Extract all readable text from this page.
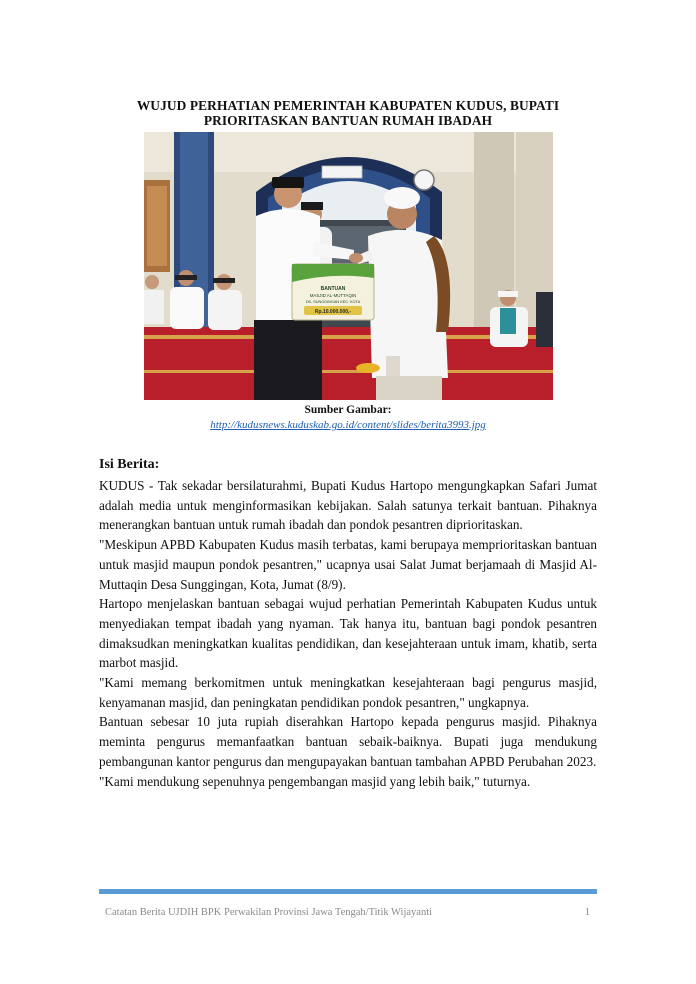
WUJUD PERHATIAN PEMERINTAH KABUPATEN KUDUS, BUPATI
PRIORITASKAN BANTUAN RUMAH IBADAH
BANTUAN
MASJID AL-MUTTAQIN
DS. SUNGGINGAN KEC. KOTA
Rp.10.000.000,-
Sumber Gambar:
http://kudusnews.kuduskab.go.id/content/slides/berita3993.jpg
Isi Berita:

KUDUS - Tak sekadar bersilaturahmi, Bupati Kudus Hartopo mengungkapkan Safari Jumat adalah media untuk menginformasikan kebijakan. Salah satunya terkait bantuan. Pihaknya menerangkan bantuan untuk rumah ibadah dan pondok pesantren diprioritaskan.

"Meskipun APBD Kabupaten Kudus masih terbatas, kami berupaya memprioritaskan bantuan untuk masjid maupun pondok pesantren," ucapnya usai Salat Jumat berjamaah di Masjid Al-Muttaqin Desa Sunggingan, Kota, Jumat (8/9).

Hartopo menjelaskan bantuan sebagai wujud perhatian Pemerintah Kabupaten Kudus untuk menyediakan tempat ibadah yang nyaman. Tak hanya itu, bantuan bagi pondok pesantren dimaksudkan meningkatkan kualitas pendidikan, dan kesejahteraan untuk imam, khatib, serta marbot masjid.

"Kami memang berkomitmen untuk meningkatkan kesejahteraan bagi pengurus masjid, kenyamanan masjid, dan peningkatan pendidikan pondok pesantren," ungkapnya.

Bantuan sebesar 10 juta rupiah diserahkan Hartopo kepada pengurus masjid. Pihaknya meminta pengurus memanfaatkan bantuan sebaik-baiknya. Bupati juga mendukung pembangunan kantor pengurus dan mengupayakan bantuan tambahan APBD Perubahan 2023.

"Kami mendukung sepenuhnya pengembangan masjid yang lebih baik," tuturnya.

Catatan Berita UJDIH BPK Perwakilan Provinsi Jawa Tengah/Titik Wijayanti	1
